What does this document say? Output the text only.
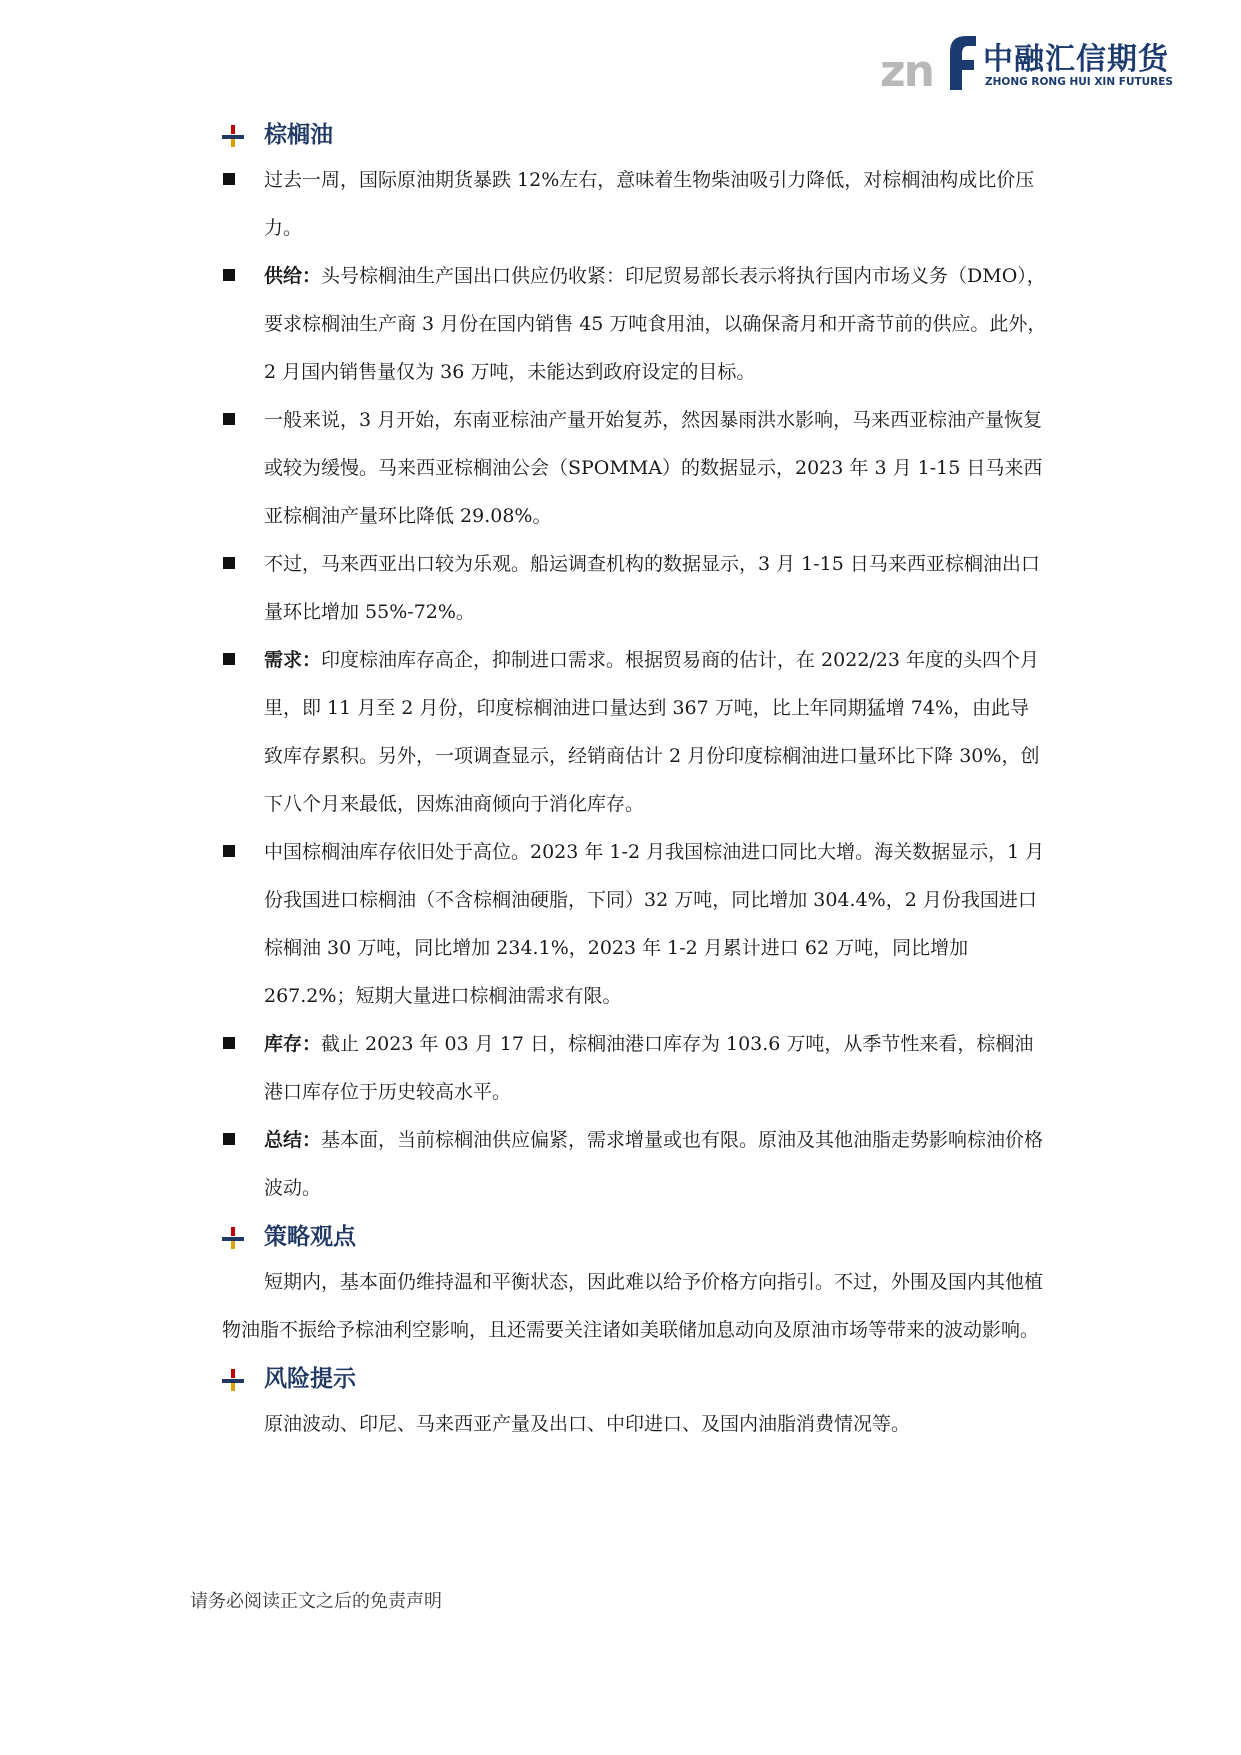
zn 中融汇信期货
ZHONG RONG HUI XIN FUTURES
棕榈油
过去一周，国际原油期货暴跌 12%左右，意味着生物柴油吸引力降低，对棕榈油构成比价压力。
供给：头号棕榈油生产国出口供应仍收紧：印尼贸易部长表示将执行国内市场义务（DMO），要求棕榈油生产商 3 月份在国内销售 45 万吨食用油，以确保斋月和开斋节前的供应。此外，2 月国内销售量仅为 36 万吨，未能达到政府设定的目标。
一般来说，3 月开始，东南亚棕油产量开始复苏，然因暴雨洪水影响，马来西亚棕油产量恢复或较为缓慢。马来西亚棕榈油公会（SPOMMA）的数据显示，2023 年 3 月 1-15 日马来西亚棕榈油产量环比降低 29.08%。
不过，马来西亚出口较为乐观。船运调查机构的数据显示，3 月 1-15 日马来西亚棕榈油出口量环比增加 55%-72%。
需求：印度棕油库存高企，抑制进口需求。根据贸易商的估计，在 2022/23 年度的头四个月里，即 11 月至 2 月份，印度棕榈油进口量达到 367 万吨，比上年同期猛增 74%，由此导致库存累积。另外，一项调查显示，经销商估计 2 月份印度棕榈油进口量环比下降 30%，创下八个月来最低，因炼油商倾向于消化库存。
中国棕榈油库存依旧处于高位。2023 年 1-2 月我国棕油进口同比大增。海关数据显示，1 月份我国进口棕榈油（不含棕榈油硬脂，下同）32 万吨，同比增加 304.4%，2 月份我国进口棕榈油 30 万吨，同比增加 234.1%，2023 年 1-2 月累计进口 62 万吨，同比增加 267.2%；短期大量进口棕榈油需求有限。
库存：截止 2023 年 03 月 17 日，棕榈油港口库存为 103.6 万吨，从季节性来看，棕榈油港口库存位于历史较高水平。
总结：基本面，当前棕榈油供应偏紧，需求增量或也有限。原油及其他油脂走势影响棕油价格波动。
策略观点
短期内，基本面仍维持温和平衡状态，因此难以给予价格方向指引。不过，外围及国内其他植物油脂不振给予棕油利空影响，且还需要关注诸如美联储加息动向及原油市场等带来的波动影响。
风险提示
原油波动、印尼、马来西亚产量及出口、中印进口、及国内油脂消费情况等。
请务必阅读正文之后的免责声明
